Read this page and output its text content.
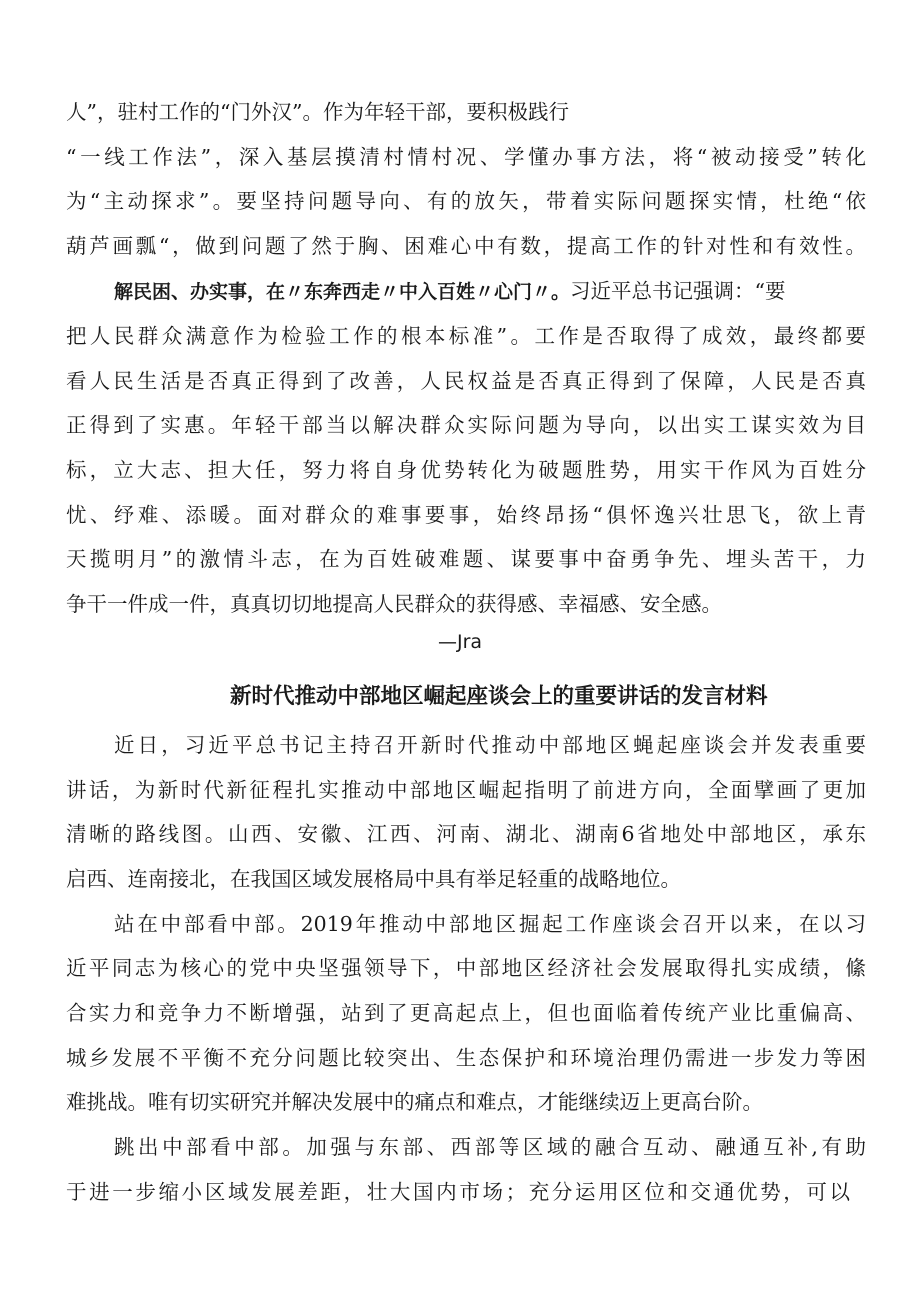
人”，驻村工作的“门外汉”。作为年轻干部，要积极践行
“一线工作法”，深入基层摸清村情村况、学懂办事方法，将“被动接受”转化
为“主动探求”。要坚持问题导向、有的放矢，带着实际问题探实情，杜绝“依
葫芦画瓢“，做到问题了然于胸、困难心中有数，提高工作的针对性和有效性。
解民困、办实事，在〃东奔西走〃中入百姓〃心门〃。习近平总书记强调：“要
把人民群众满意作为检验工作的根本标准”。工作是否取得了成效，最终都要
看人民生活是否真正得到了改善，人民权益是否真正得到了保障，人民是否真
正得到了实惠。年轻干部当以解决群众实际问题为导向，以出实工谋实效为目
标，立大志、担大任，努力将自身优势转化为破题胜势，用实干作风为百姓分
忧、纾难、添暖。面对群众的难事要事，始终昂扬“俱怀逸兴壮思飞，欲上青
天揽明月”的激情斗志，在为百姓破难题、谋要事中奋勇争先、埋头苦干，力
争干一件成一件，真真切切地提高人民群众的获得感、幸福感、安全感。
—Jra
新时代推动中部地区崛起座谈会上的重要讲话的发言材料
近日，习近平总书记主持召开新时代推动中部地区蝇起座谈会并发表重要
讲话，为新时代新征程扎实推动中部地区崛起指明了前进方向，全面擘画了更加
清晰的路线图。山西、安徽、江西、河南、湖北、湖南6省地处中部地区，承东
启西、连南接北，在我国区域发展格局中具有举足轻重的战略地位。
站在中部看中部。2019年推动中部地区掘起工作座谈会召开以来，在以习
近平同志为核心的党中央坚强领导下，中部地区经济社会发展取得扎实成绩，絛
合实力和竞争力不断增强，站到了更高起点上，但也面临着传统产业比重偏高、
城乡发展不平衡不充分问题比较突出、生态保护和环境治理仍需进一步发力等困
难挑战。唯有切实研究并解决发展中的痛点和难点，才能继续迈上更高台阶。
跳出中部看中部。加强与东部、西部等区域的融合互动、融通互补,有助
于进一步缩小区域发展差距，壮大国内市场；充分运用区位和交通优势，可以
